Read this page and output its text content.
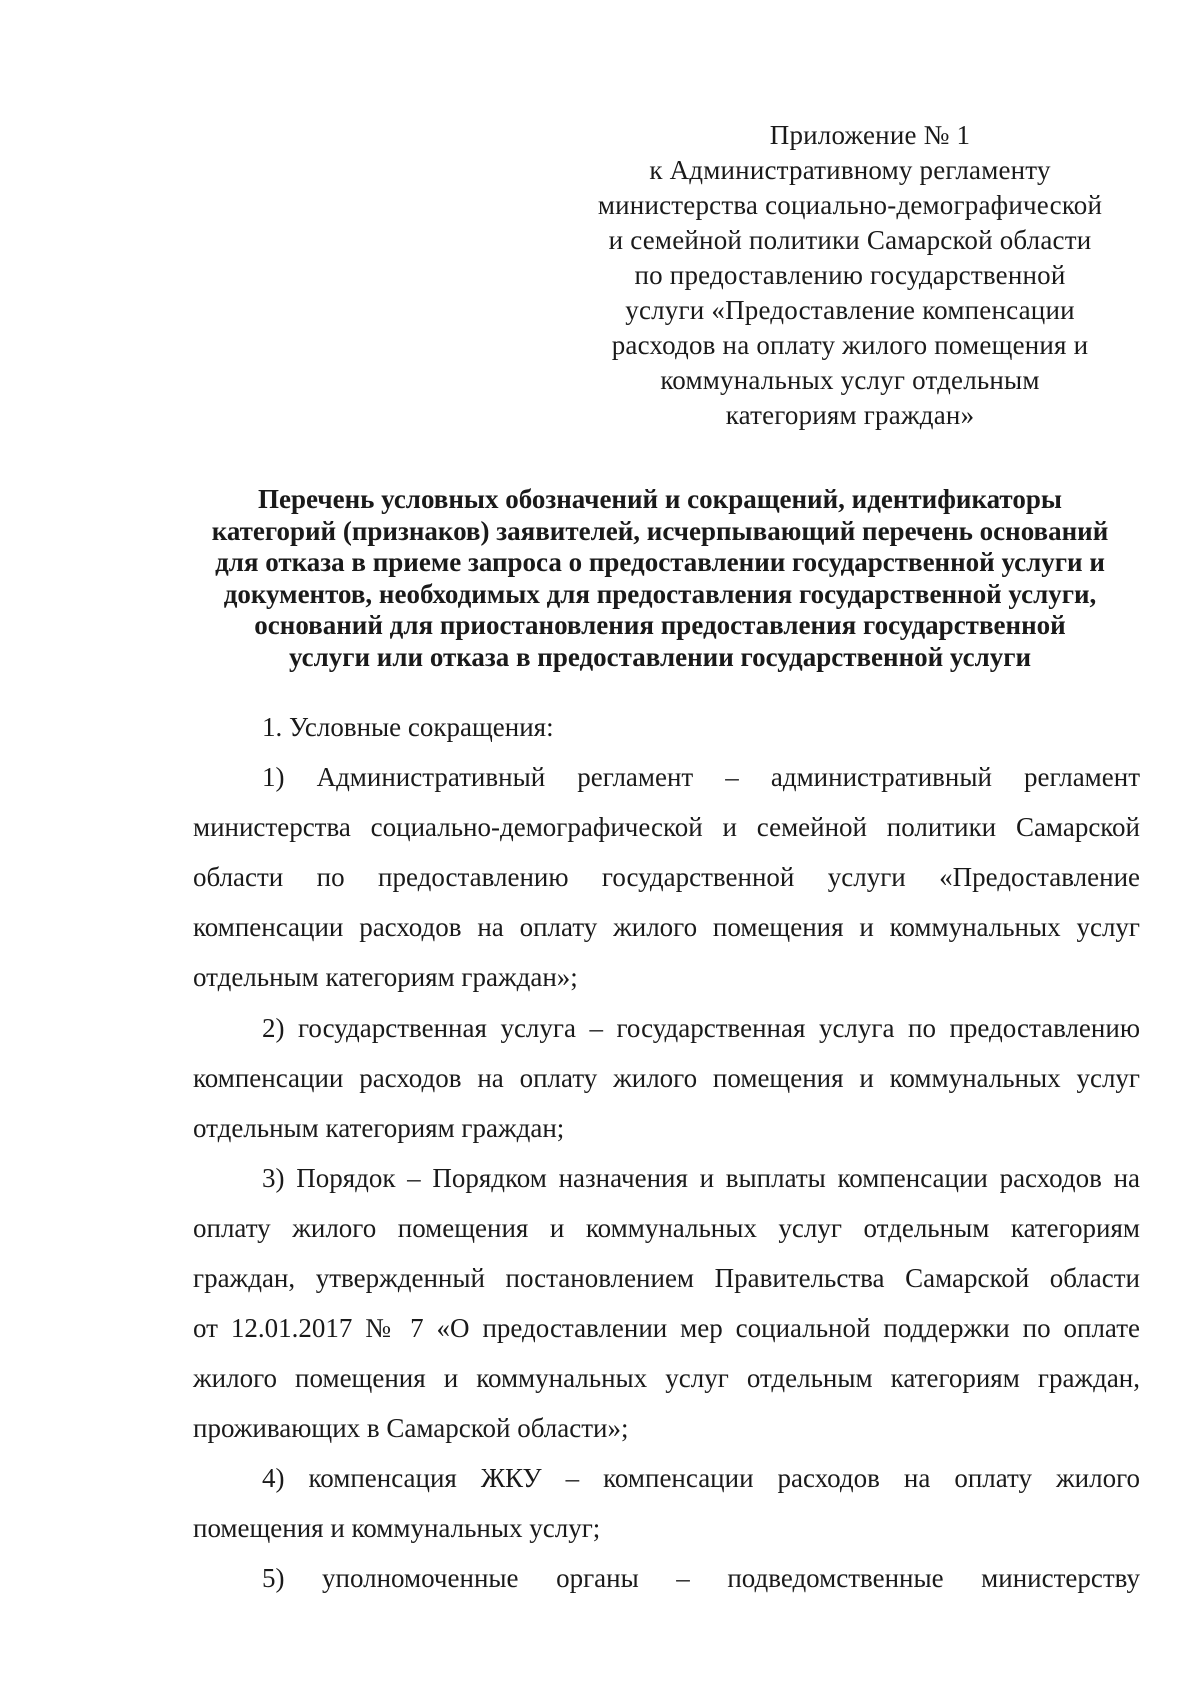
Приложение № 1
к Административному регламенту
министерства социально-демографической
и семейной политики Самарской области
по предоставлению государственной
услуги «Предоставление компенсации
расходов на оплату жилого помещения и
коммунальных услуг отдельным
категориям граждан»
Перечень условных обозначений и сокращений, идентификаторы
категорий (признаков) заявителей, исчерпывающий перечень оснований
для отказа в приеме запроса о предоставлении государственной услуги и
документов, необходимых для предоставления государственной услуги,
оснований для приостановления предоставления государственной
услуги или отказа в предоставлении государственной услуги
1. Условные сокращения:
1) Административный регламент – административный регламент
министерства социально-демографической и семейной политики Самарской
области по предоставлению государственной услуги «Предоставление
компенсации расходов на оплату жилого помещения и коммунальных услуг
отдельным категориям граждан»;
2) государственная услуга – государственная услуга по предоставлению
компенсации расходов на оплату жилого помещения и коммунальных услуг
отдельным категориям граждан;
3) Порядок – Порядком назначения и выплаты компенсации расходов на
оплату жилого помещения и коммунальных услуг отдельным категориям
граждан, утвержденный постановлением Правительства Самарской области
от 12.01.2017 № 7 «О предоставлении мер социальной поддержки по оплате
жилого помещения и коммунальных услуг отдельным категориям граждан,
проживающих в Самарской области»;
4) компенсация ЖКУ – компенсации расходов на оплату жилого
помещения и коммунальных услуг;
5) уполномоченные органы – подведомственные министерству
